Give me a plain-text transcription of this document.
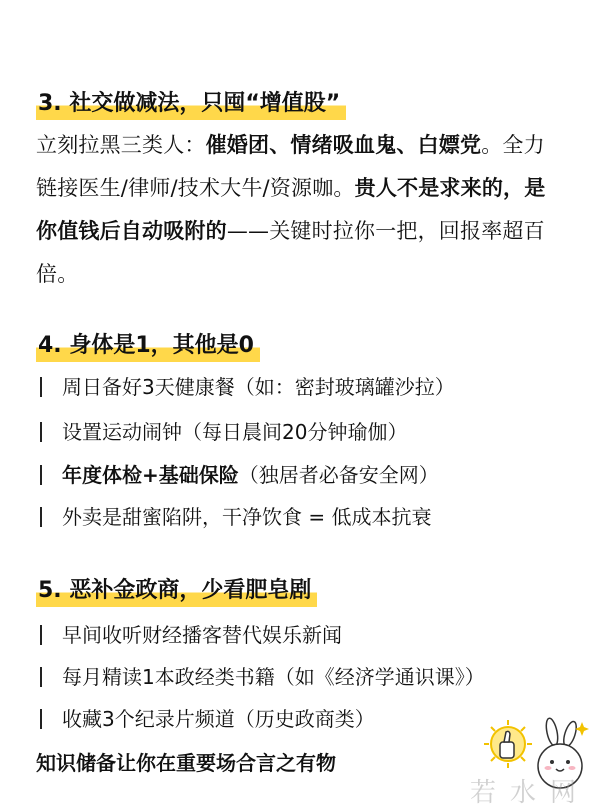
3. 社交做减法，只囤“增值股”
立刻拉黑三类人：催婚团、情绪吸血鬼、白嫖党。全力链接医生/律师/技术大牛/资源咖。贵人不是求来的，是你值钱后自动吸附的——关键时拉你一把，回报率超百倍。
4. 身体是1，其他是0
周日备好3天健康餐（如：密封玻璃罐沙拉）
设置运动闹钟（每日晨间20分钟瑜伽）
年度体检+基础保险（独居者必备安全网）
外卖是甜蜜陷阱，干净饮食 = 低成本抗衰
5. 恶补金政商，少看肥皂剧
早间收听财经播客替代娱乐新闻
每月精读1本政经类书籍（如《经济学通识课》）
收藏3个纪录片频道（历史政商类）
知识储备让你在重要场合言之有物
若水网
